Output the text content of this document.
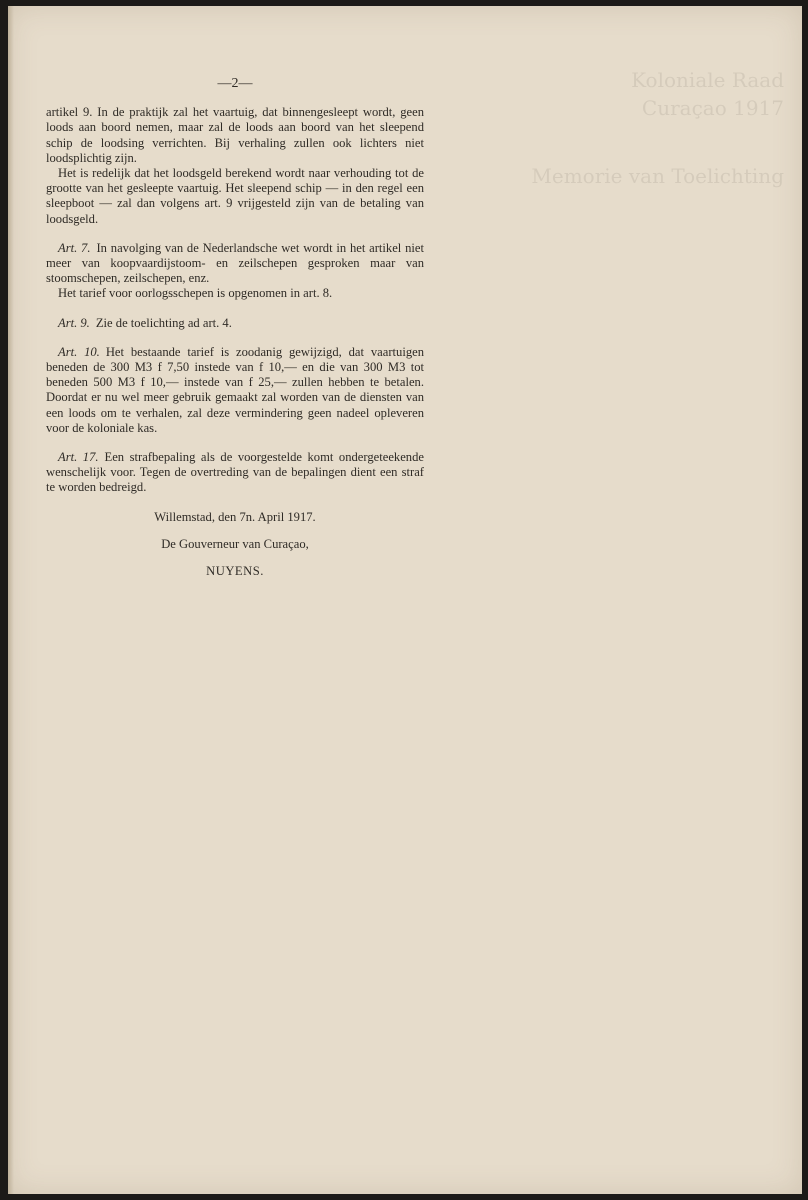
Koloniale Raad
Curaçao 1917
Memorie van Toelichting
—2—

artikel 9. In de praktijk zal het vaartuig, dat binnengesleept wordt, geen loods aan boord nemen, maar zal de loods aan boord van het sleepend schip de loodsing verrichten. Bij verhaling zullen ook lichters niet loodsplichtig zijn.

Het is redelijk dat het loodsgeld berekend wordt naar verhouding tot de grootte van het gesleepte vaartuig. Het sleepend schip — in den regel een sleepboot — zal dan volgens art. 9 vrijgesteld zijn van de betaling van loodsgeld.

Art. 7. In navolging van de Nederlandsche wet wordt in het artikel niet meer van koopvaardijstoom- en zeilschepen gesproken maar van stoomschepen, zeilschepen, enz.

Het tarief voor oorlogsschepen is opgenomen in art. 8.

Art. 9. Zie de toelichting ad art. 4.

Art. 10. Het bestaande tarief is zoodanig gewijzigd, dat vaartuigen beneden de 300 M3 f 7,50 instede van f 10,— en die van 300 M3 tot beneden 500 M3 f 10,— instede van f 25,— zullen hebben te betalen. Doordat er nu wel meer gebruik gemaakt zal worden van de diensten van een loods om te verhalen, zal deze vermindering geen nadeel opleveren voor de koloniale kas.

Art. 17. Een strafbepaling als de voorgestelde komt ondergeteekende wenschelijk voor. Tegen de overtreding van de bepalingen dient een straf te worden bedreigd.

Willemstad, den 7n. April 1917.

De Gouverneur van Curaçao,

NUYENS.
